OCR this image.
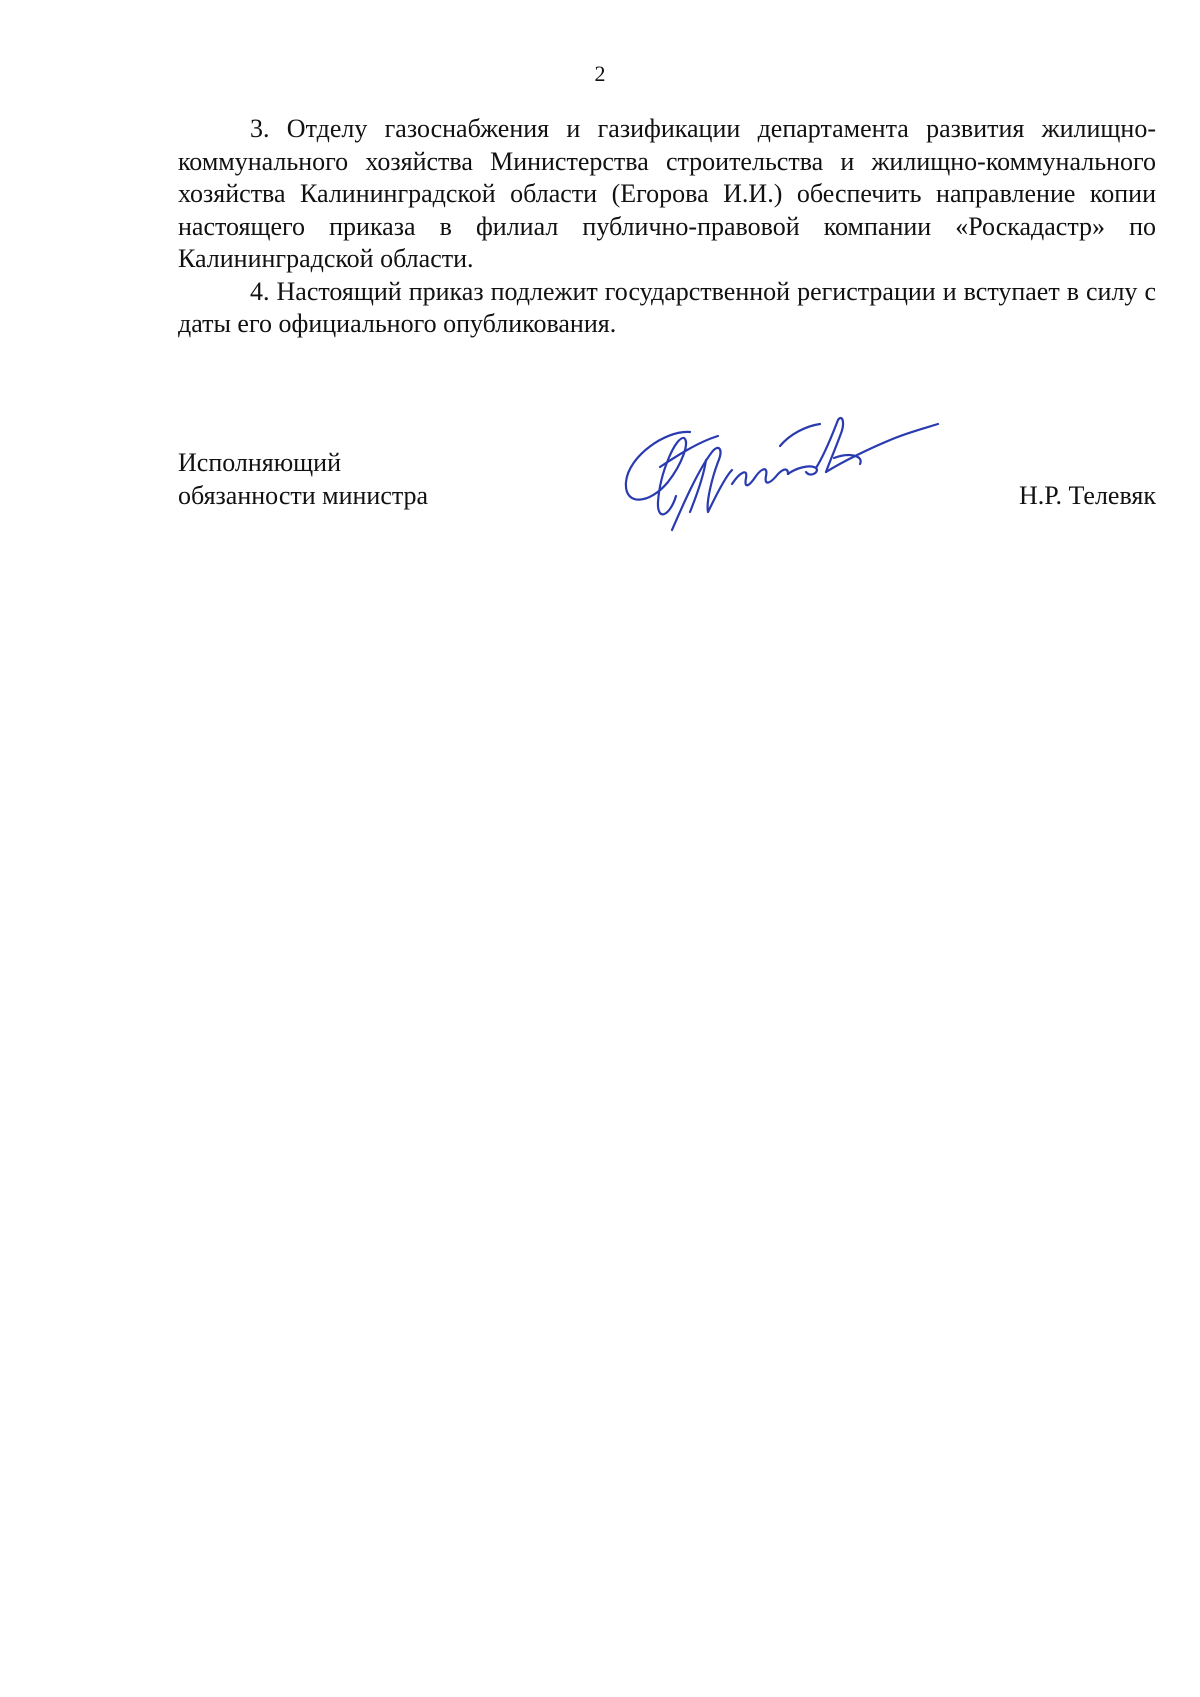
2

3. Отделу газоснабжения и газификации департамента развития жилищно-коммунального хозяйства Министерства строительства и жилищно-коммунального хозяйства Калининградской области (Егорова И.И.) обеспечить направление копии настоящего приказа в филиал публично-правовой компании «Роскадастр» по Калининградской области.

4. Настоящий приказ подлежит государственной регистрации и вступает в силу с даты его официального опубликования.

Исполняющий
обязанности министра	Н.Р. Телевяк
